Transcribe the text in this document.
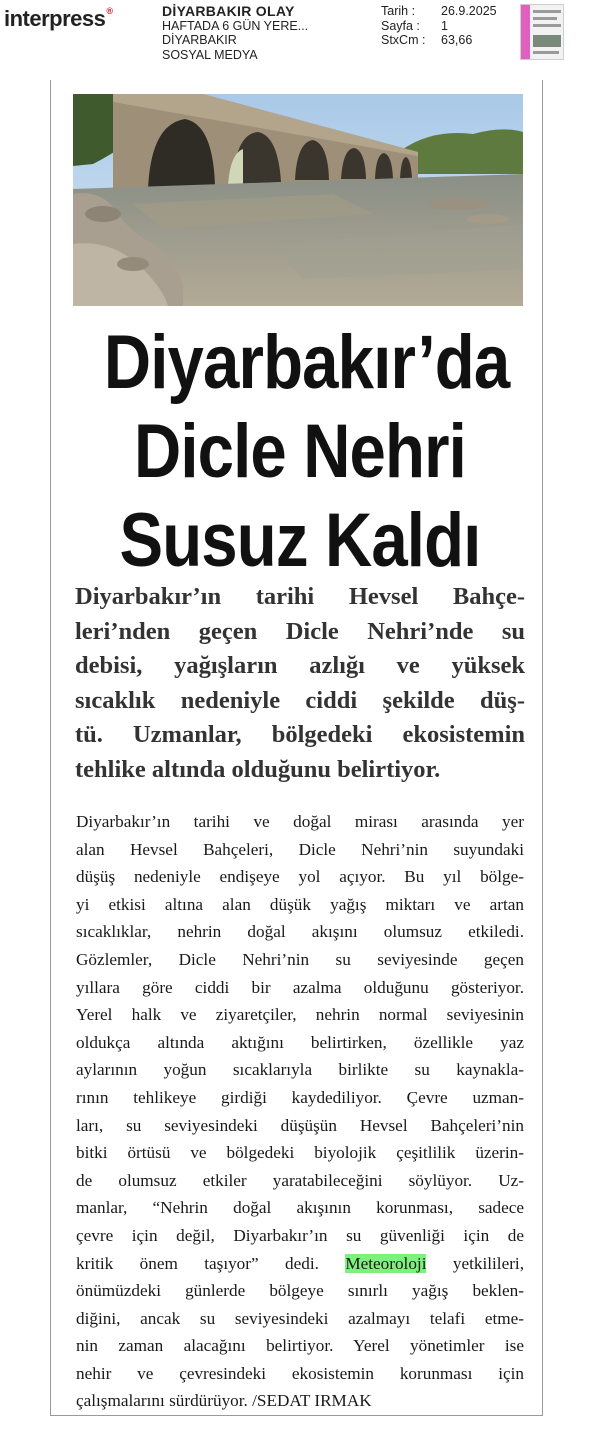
interpress®	DİYARBAKIR OLAY
HAFTADA 6 GÜN YERE...
DİYARBAKIR
SOSYAL MEDYA
Tarih :	26.9.2025
Sayfa :	1
StxCm :	63,66
Diyarbakır’da
Dicle Nehri
Susuz Kaldı
Diyarbakır’ın tarihi Hevsel Bahçe-
leri’nden geçen Dicle Nehri’nde su
debisi, yağışların azlığı ve yüksek
sıcaklık nedeniyle ciddi şekilde düş-
tü. Uzmanlar, bölgedeki ekosistemin
tehlike altında olduğunu belirtiyor.
Diyarbakır’ın tarihi ve doğal mirası arasında yer
alan Hevsel Bahçeleri, Dicle Nehri’nin suyundaki
düşüş nedeniyle endişeye yol açıyor. Bu yıl bölge-
yi etkisi altına alan düşük yağış miktarı ve artan
sıcaklıklar, nehrin doğal akışını olumsuz etkiledi.
Gözlemler, Dicle Nehri’nin su seviyesinde geçen
yıllara göre ciddi bir azalma olduğunu gösteriyor.
Yerel halk ve ziyaretçiler, nehrin normal seviyesinin
oldukça altında aktığını belirtirken, özellikle yaz
aylarının yoğun sıcaklarıyla birlikte su kaynakla-
rının tehlikeye girdiği kaydediliyor. Çevre uzman-
ları, su seviyesindeki düşüşün Hevsel Bahçeleri’nin
bitki örtüsü ve bölgedeki biyolojik çeşitlilik üzerin-
de olumsuz etkiler yaratabileceğini söylüyor. Uz-
manlar, “Nehrin doğal akışının korunması, sadece
çevre için değil, Diyarbakır’ın su güvenliği için de
kritik önem taşıyor” dedi. Meteoroloji yetkilileri,
önümüzdeki günlerde bölgeye sınırlı yağış beklen-
diğini, ancak su seviyesindeki azalmayı telafi etme-
nin zaman alacağını belirtiyor. Yerel yönetimler ise
nehir ve çevresindeki ekosistemin korunması için
çalışmalarını sürdürüyor. /SEDAT IRMAK
